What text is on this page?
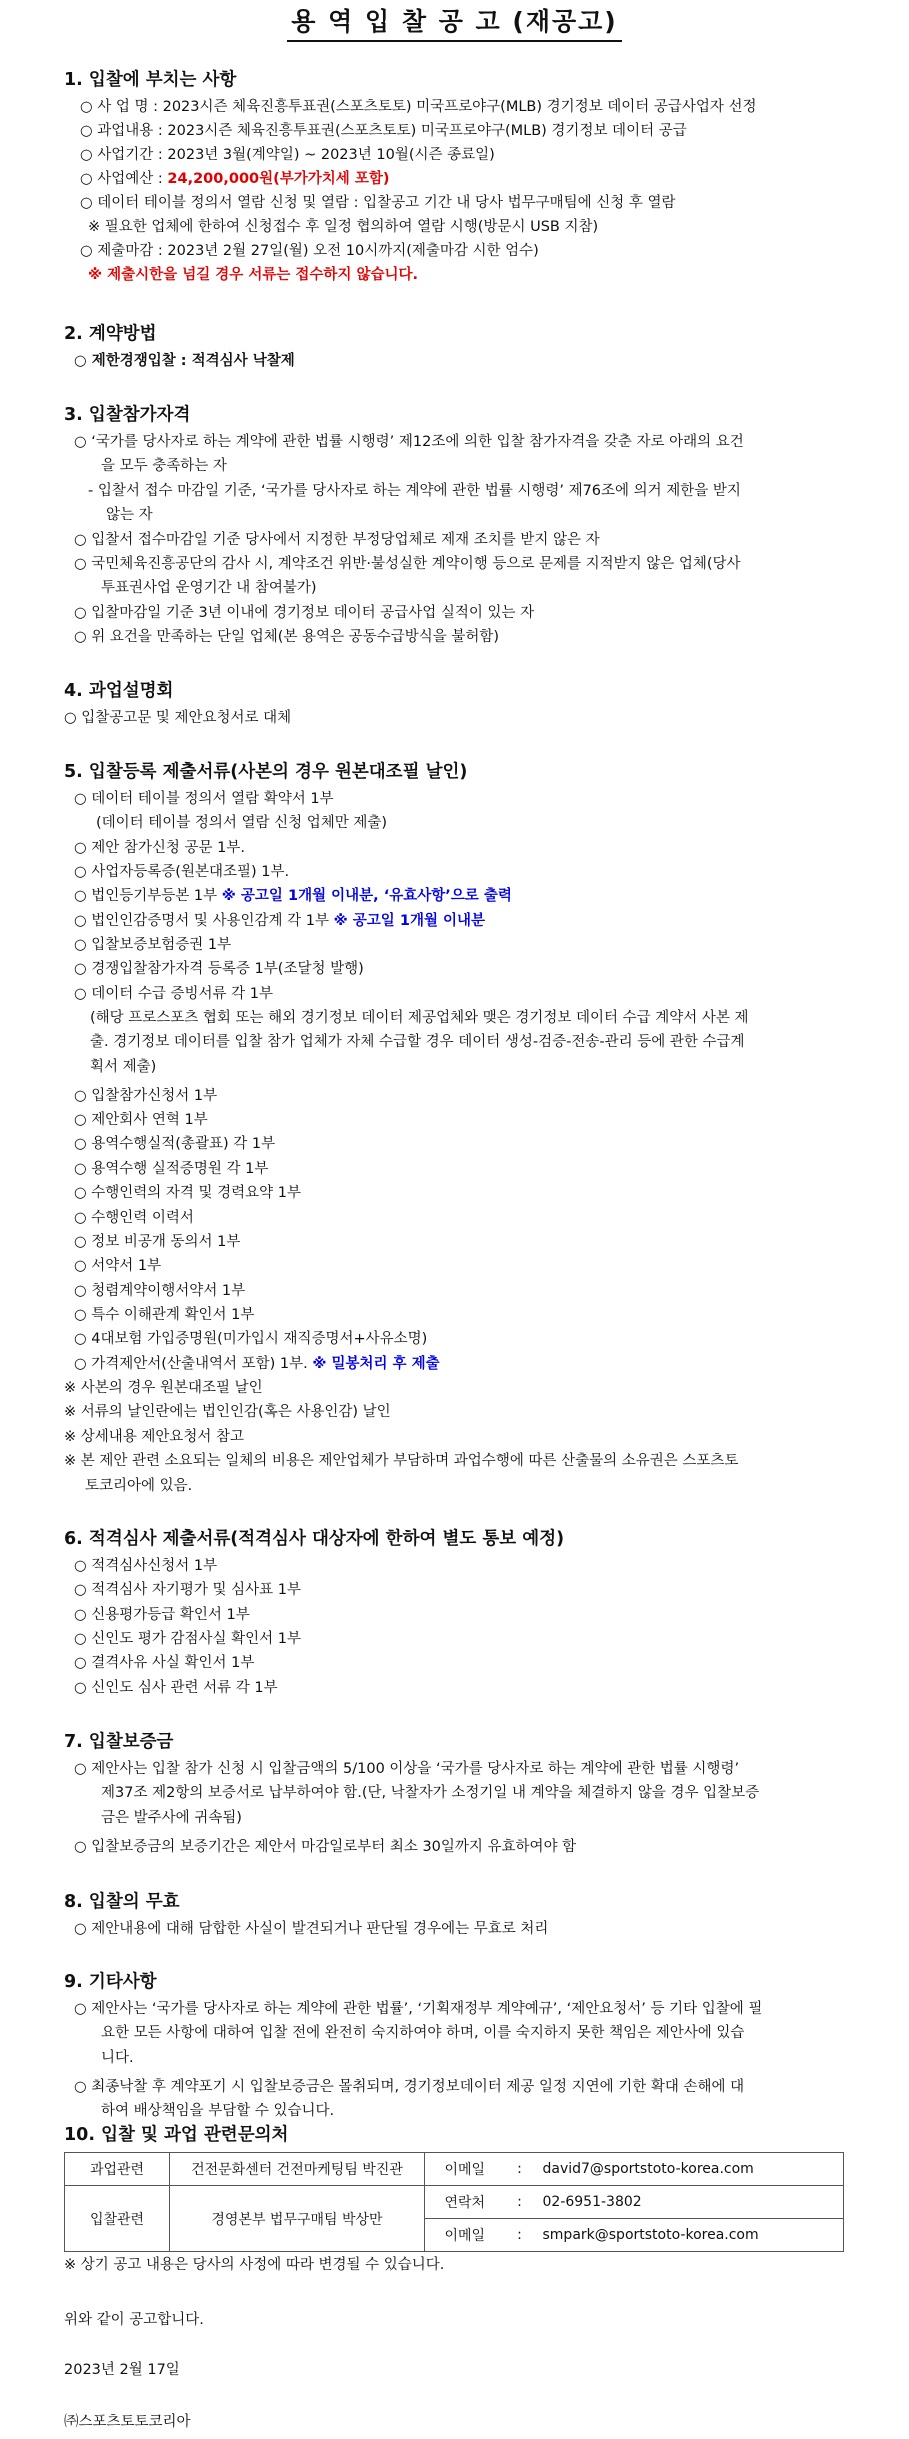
용 역 입 찰 공 고 (재공고)
1. 입찰에 부치는 사항
○ 사 업 명 : 2023시즌 체육진흥투표권(스포츠토토) 미국프로야구(MLB) 경기정보 데이터 공급사업자 선정
○ 과업내용 : 2023시즌 체육진흥투표권(스포츠토토) 미국프로야구(MLB) 경기정보 데이터 공급
○ 사업기간 : 2023년 3월(계약일) ~ 2023년 10월(시즌 종료일)
○ 사업예산 : 24,200,000원(부가가치세 포함)
○ 데이터 테이블 정의서 열람 신청 및 열람 : 입찰공고 기간 내 당사 법무구매팀에 신청 후 열람
※ 필요한 업체에 한하여 신청접수 후 일정 협의하여 열람 시행(방문시 USB 지참)
○ 제출마감 : 2023년 2월 27일(월) 오전 10시까지(제출마감 시한 엄수)
※ 제출시한을 넘길 경우 서류는 접수하지 않습니다.
2. 계약방법
○ 제한경쟁입찰 : 적격심사 낙찰제
3. 입찰참가자격
○ ‘국가를 당사자로 하는 계약에 관한 법률 시행령’ 제12조에 의한 입찰 참가자격을 갖춘 자로 아래의 요건
을 모두 충족하는 자
- 입찰서 접수 마감일 기준, ‘국가를 당사자로 하는 계약에 관한 법률 시행령’ 제76조에 의거 제한을 받지
않는 자
○ 입찰서 접수마감일 기준 당사에서 지정한 부정당업체로 제재 조치를 받지 않은 자
○ 국민체육진흥공단의 감사 시, 계약조건 위반·불성실한 계약이행 등으로 문제를 지적받지 않은 업체(당사
투표권사업 운영기간 내 참여불가)
○ 입찰마감일 기준 3년 이내에 경기정보 데이터 공급사업 실적이 있는 자
○ 위 요건을 만족하는 단일 업체(본 용역은 공동수급방식을 불허함)
4. 과업설명회
○ 입찰공고문 및 제안요청서로 대체
5. 입찰등록 제출서류(사본의 경우 원본대조필 날인)
○ 데이터 테이블 정의서 열람 확약서 1부
(데이터 테이블 정의서 열람 신청 업체만 제출)
○ 제안 참가신청 공문 1부.
○ 사업자등록증(원본대조필) 1부.
○ 법인등기부등본 1부 ※ 공고일 1개월 이내분, ‘유효사항’으로 출력
○ 법인인감증명서 및 사용인감계 각 1부 ※ 공고일 1개월 이내분
○ 입찰보증보험증권 1부
○ 경쟁입찰참가자격 등록증 1부(조달청 발행)
○ 데이터 수급 증빙서류 각 1부
(해당 프로스포츠 협회 또는 해외 경기정보 데이터 제공업체와 맺은 경기정보 데이터 수급 계약서 사본 제
출. 경기정보 데이터를 입찰 참가 업체가 자체 수급할 경우 데이터 생성-검증-전송-관리 등에 관한 수급계
획서 제출)
○ 입찰참가신청서 1부
○ 제안회사 연혁 1부
○ 용역수행실적(총괄표) 각 1부
○ 용역수행 실적증명원 각 1부
○ 수행인력의 자격 및 경력요약 1부
○ 수행인력 이력서
○ 정보 비공개 동의서 1부
○ 서약서 1부
○ 청렴계약이행서약서 1부
○ 특수 이해관계 확인서 1부
○ 4대보험 가입증명원(미가입시 재직증명서+사유소명)
○ 가격제안서(산출내역서 포함) 1부. ※ 밀봉처리 후 제출
※ 사본의 경우 원본대조필 날인
※ 서류의 날인란에는 법인인감(혹은 사용인감) 날인
※ 상세내용 제안요청서 참고
※ 본 제안 관련 소요되는 일체의 비용은 제안업체가 부담하며 과업수행에 따른 산출물의 소유권은 스포츠토
토코리아에 있음.
6. 적격심사 제출서류(적격심사 대상자에 한하여 별도 통보 예정)
○ 적격심사신청서 1부
○ 적격심사 자기평가 및 심사표 1부
○ 신용평가등급 확인서 1부
○ 신인도 평가 감점사실 확인서 1부
○ 결격사유 사실 확인서 1부
○ 신인도 심사 관련 서류 각 1부
7. 입찰보증금
○ 제안사는 입찰 참가 신청 시 입찰금액의 5/100 이상을 ‘국가를 당사자로 하는 계약에 관한 법률 시행령’
제37조 제2항의 보증서로 납부하여야 함.(단, 낙찰자가 소정기일 내 계약을 체결하지 않을 경우 입찰보증
금은 발주사에 귀속됨)
○ 입찰보증금의 보증기간은 제안서 마감일로부터 최소 30일까지 유효하여야 함
8. 입찰의 무효
○ 제안내용에 대해 담합한 사실이 발견되거나 판단될 경우에는 무효로 처리
9. 기타사항
○ 제안사는 ‘국가를 당사자로 하는 계약에 관한 법률’, ‘기획재정부 계약예규’, ‘제안요청서’ 등 기타 입찰에 필
요한 모든 사항에 대하여 입찰 전에 완전히 숙지하여야 하며, 이를 숙지하지 못한 책임은 제안사에 있습
니다.
○ 최종낙찰 후 계약포기 시 입찰보증금은 몰취되며, 경기정보데이터 제공 일정 지연에 기한 확대 손해에 대
하여 배상책임을 부담할 수 있습니다.
10. 입찰 및 과업 관련문의처
과업관련	건전문화센터 건전마케팅팀 박진관	이메일	:	david7@sportstoto-korea.com
입찰관련	경영본부 법무구매팀 박상만	연락처	:	02-6951-3802
		이메일	:	smpark@sportstoto-korea.com
※ 상기 공고 내용은 당사의 사정에 따라 변경될 수 있습니다.
위와 같이 공고합니다.
2023년 2월 17일
㈜스포츠토토코리아
